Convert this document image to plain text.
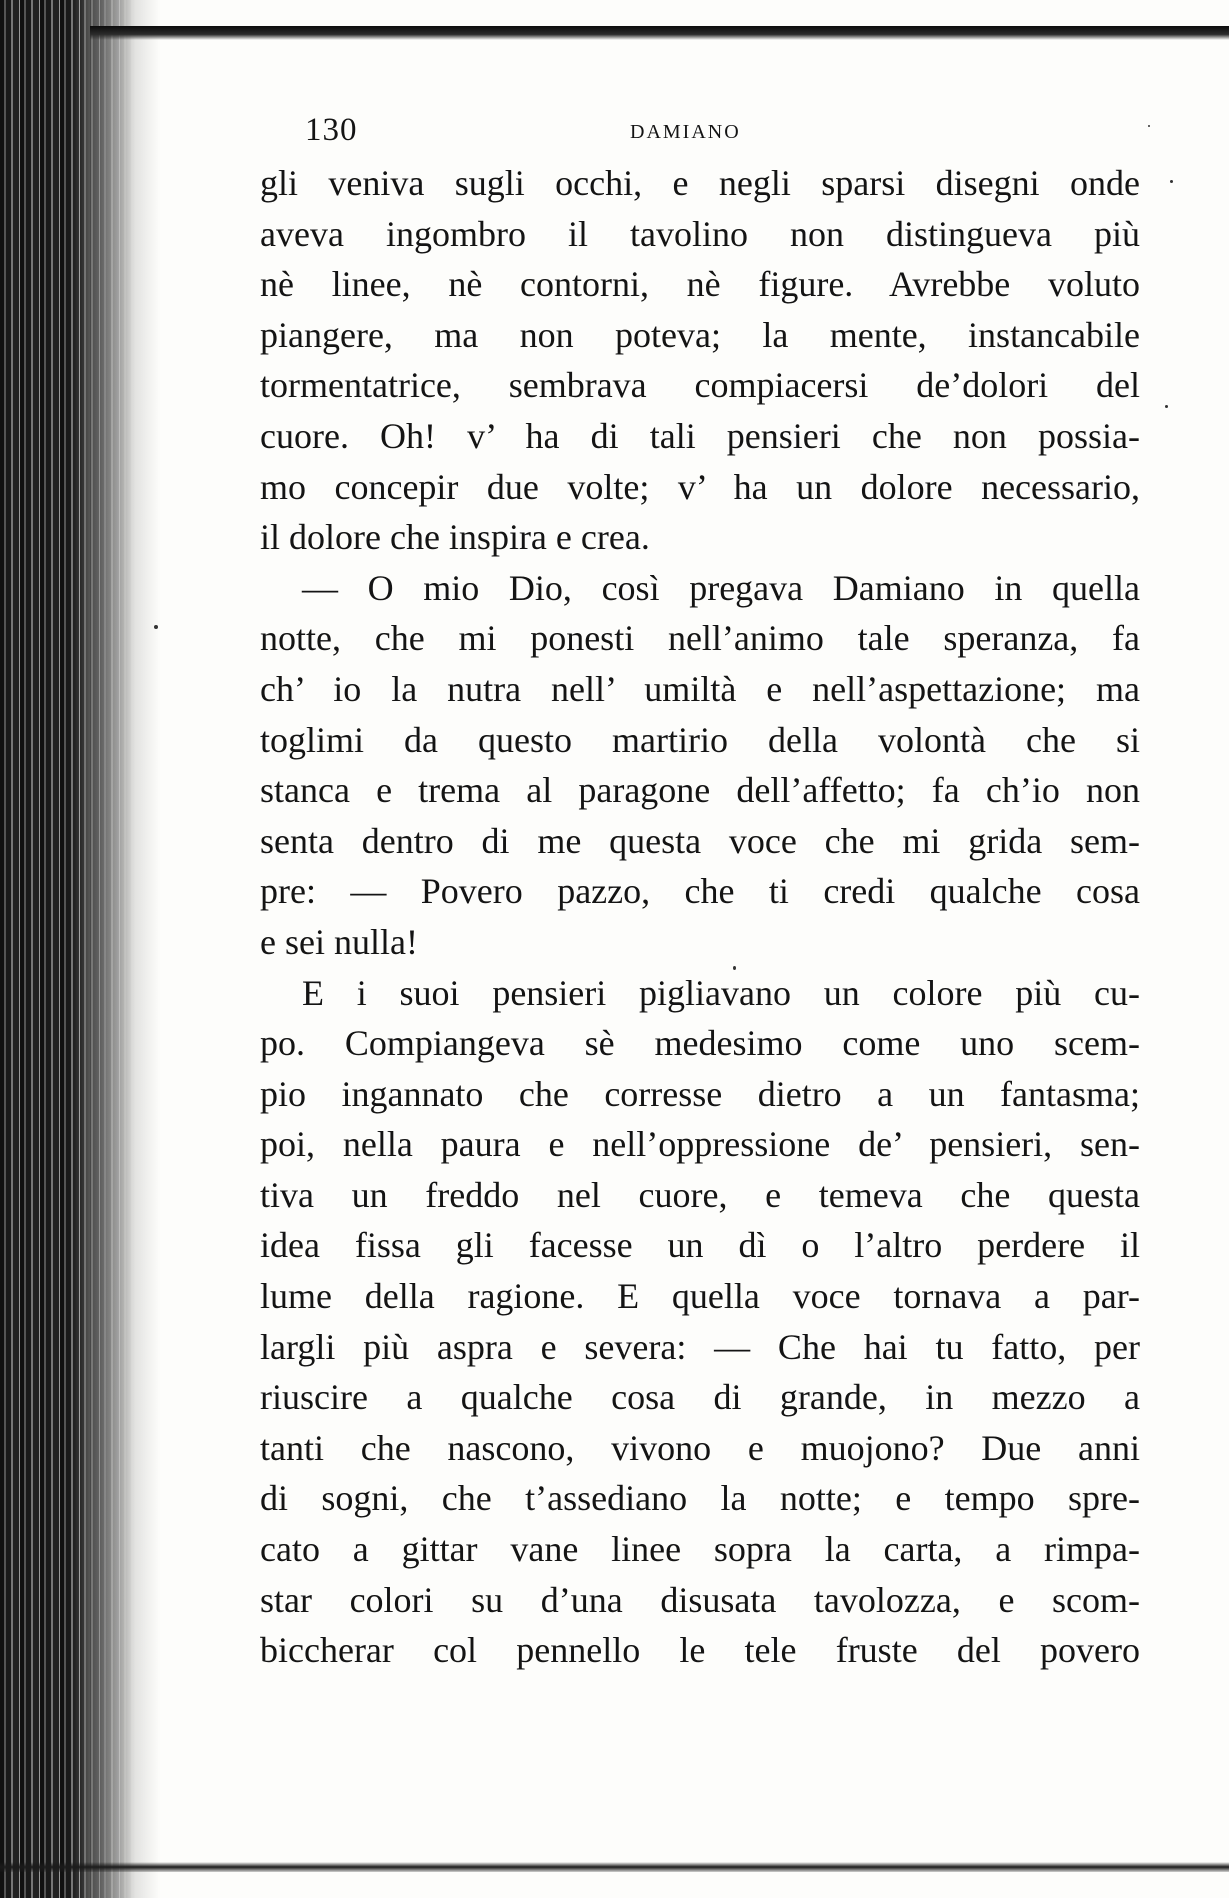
130	DAMIANO
gli veniva sugli occhi, e negli sparsi disegni onde
aveva ingombro il tavolino non distingueva più
nè linee, nè contorni, nè figure. Avrebbe voluto
piangere, ma non poteva; la mente, instancabile
tormentatrice, sembrava compiacersi de’dolori del
cuore. Oh! v’ ha di tali pensieri che non possia-
mo concepir due volte; v’ ha un dolore necessario,
il dolore che inspira e crea.
— O mio Dio, così pregava Damiano in quella
notte, che mi ponesti nell’animo tale speranza, fa
ch’ io la nutra nell’ umiltà e nell’aspettazione; ma
toglimi da questo martirio della volontà che si
stanca e trema al paragone dell’affetto; fa ch’io non
senta dentro di me questa voce che mi grida sem-
pre: — Povero pazzo, che ti credi qualche cosa
e sei nulla!
E i suoi pensieri pigliavano un colore più cu-
po. Compiangeva sè medesimo come uno scem-
pio ingannato che corresse dietro a un fantasma;
poi, nella paura e nell’oppressione de’ pensieri, sen-
tiva un freddo nel cuore, e temeva che questa
idea fissa gli facesse un dì o l’altro perdere il
lume della ragione. E quella voce tornava a par-
largli più aspra e severa: — Che hai tu fatto, per
riuscire a qualche cosa di grande, in mezzo a
tanti che nascono, vivono e muojono? Due anni
di sogni, che t’assediano la notte; e tempo spre-
cato a gittar vane linee sopra la carta, a rimpa-
star colori su d’una disusata tavolozza, e scom-
biccherar col pennello le tele fruste del povero
